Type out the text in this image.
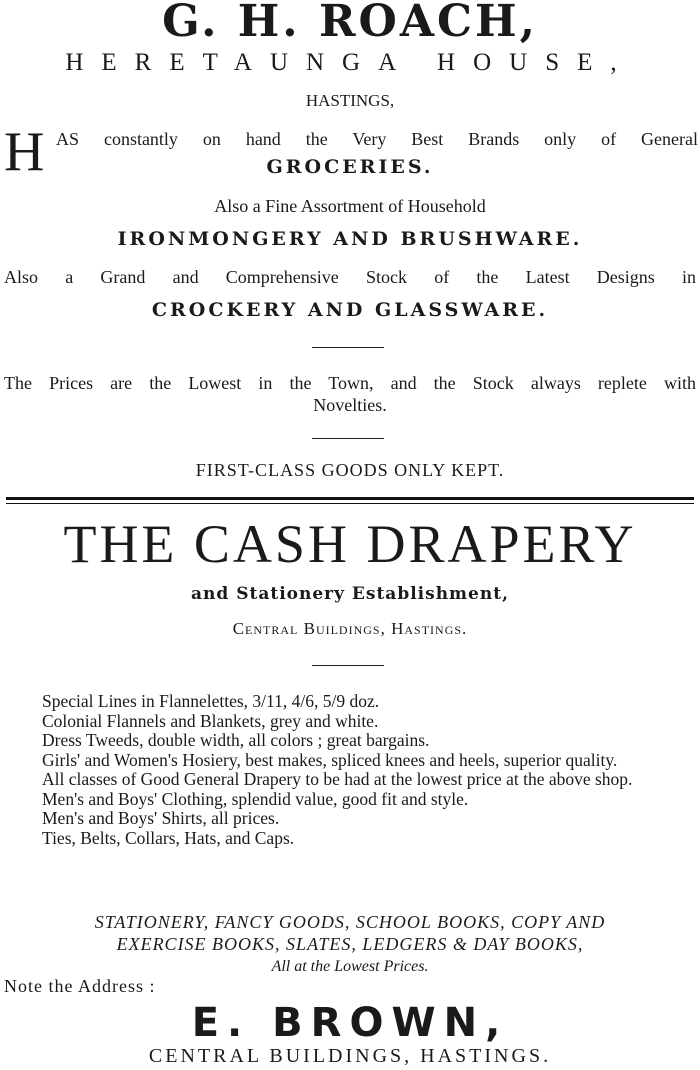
G. H. ROACH,
HERETAUNGA HOUSE,
HASTINGS,
H AS constantly on hand the Very Best Brands only of General
GROCERIES.
Also a Fine Assortment of Household
IRONMONGERY AND BRUSHWARE.
Also a Grand and Comprehensive Stock of the Latest Designs in
CROCKERY AND GLASSWARE.
The Prices are the Lowest in the Town, and the Stock always replete with
Novelties.
FIRST-CLASS GOODS ONLY KEPT.
THE CASH DRAPERY
and Stationery Establishment,
Central Buildings, Hastings.
Special Lines in Flannelettes, 3/11, 4/6, 5/9 doz.
Colonial Flannels and Blankets, grey and white.
Dress Tweeds, double width, all colors ; great bargains.
Girls' and Women's Hosiery, best makes, spliced knees and heels, superior quality.
All classes of Good General Drapery to be had at the lowest price at the above shop.
Men's and Boys' Clothing, splendid value, good fit and style.
Men's and Boys' Shirts, all prices.
Ties, Belts, Collars, Hats, and Caps.
STATIONERY, FANCY GOODS, SCHOOL BOOKS, COPY AND
EXERCISE BOOKS, SLATES, LEDGERS & DAY BOOKS,
All at the Lowest Prices.
Note the Address :
E. BROWN,
CENTRAL BUILDINGS, HASTINGS.
